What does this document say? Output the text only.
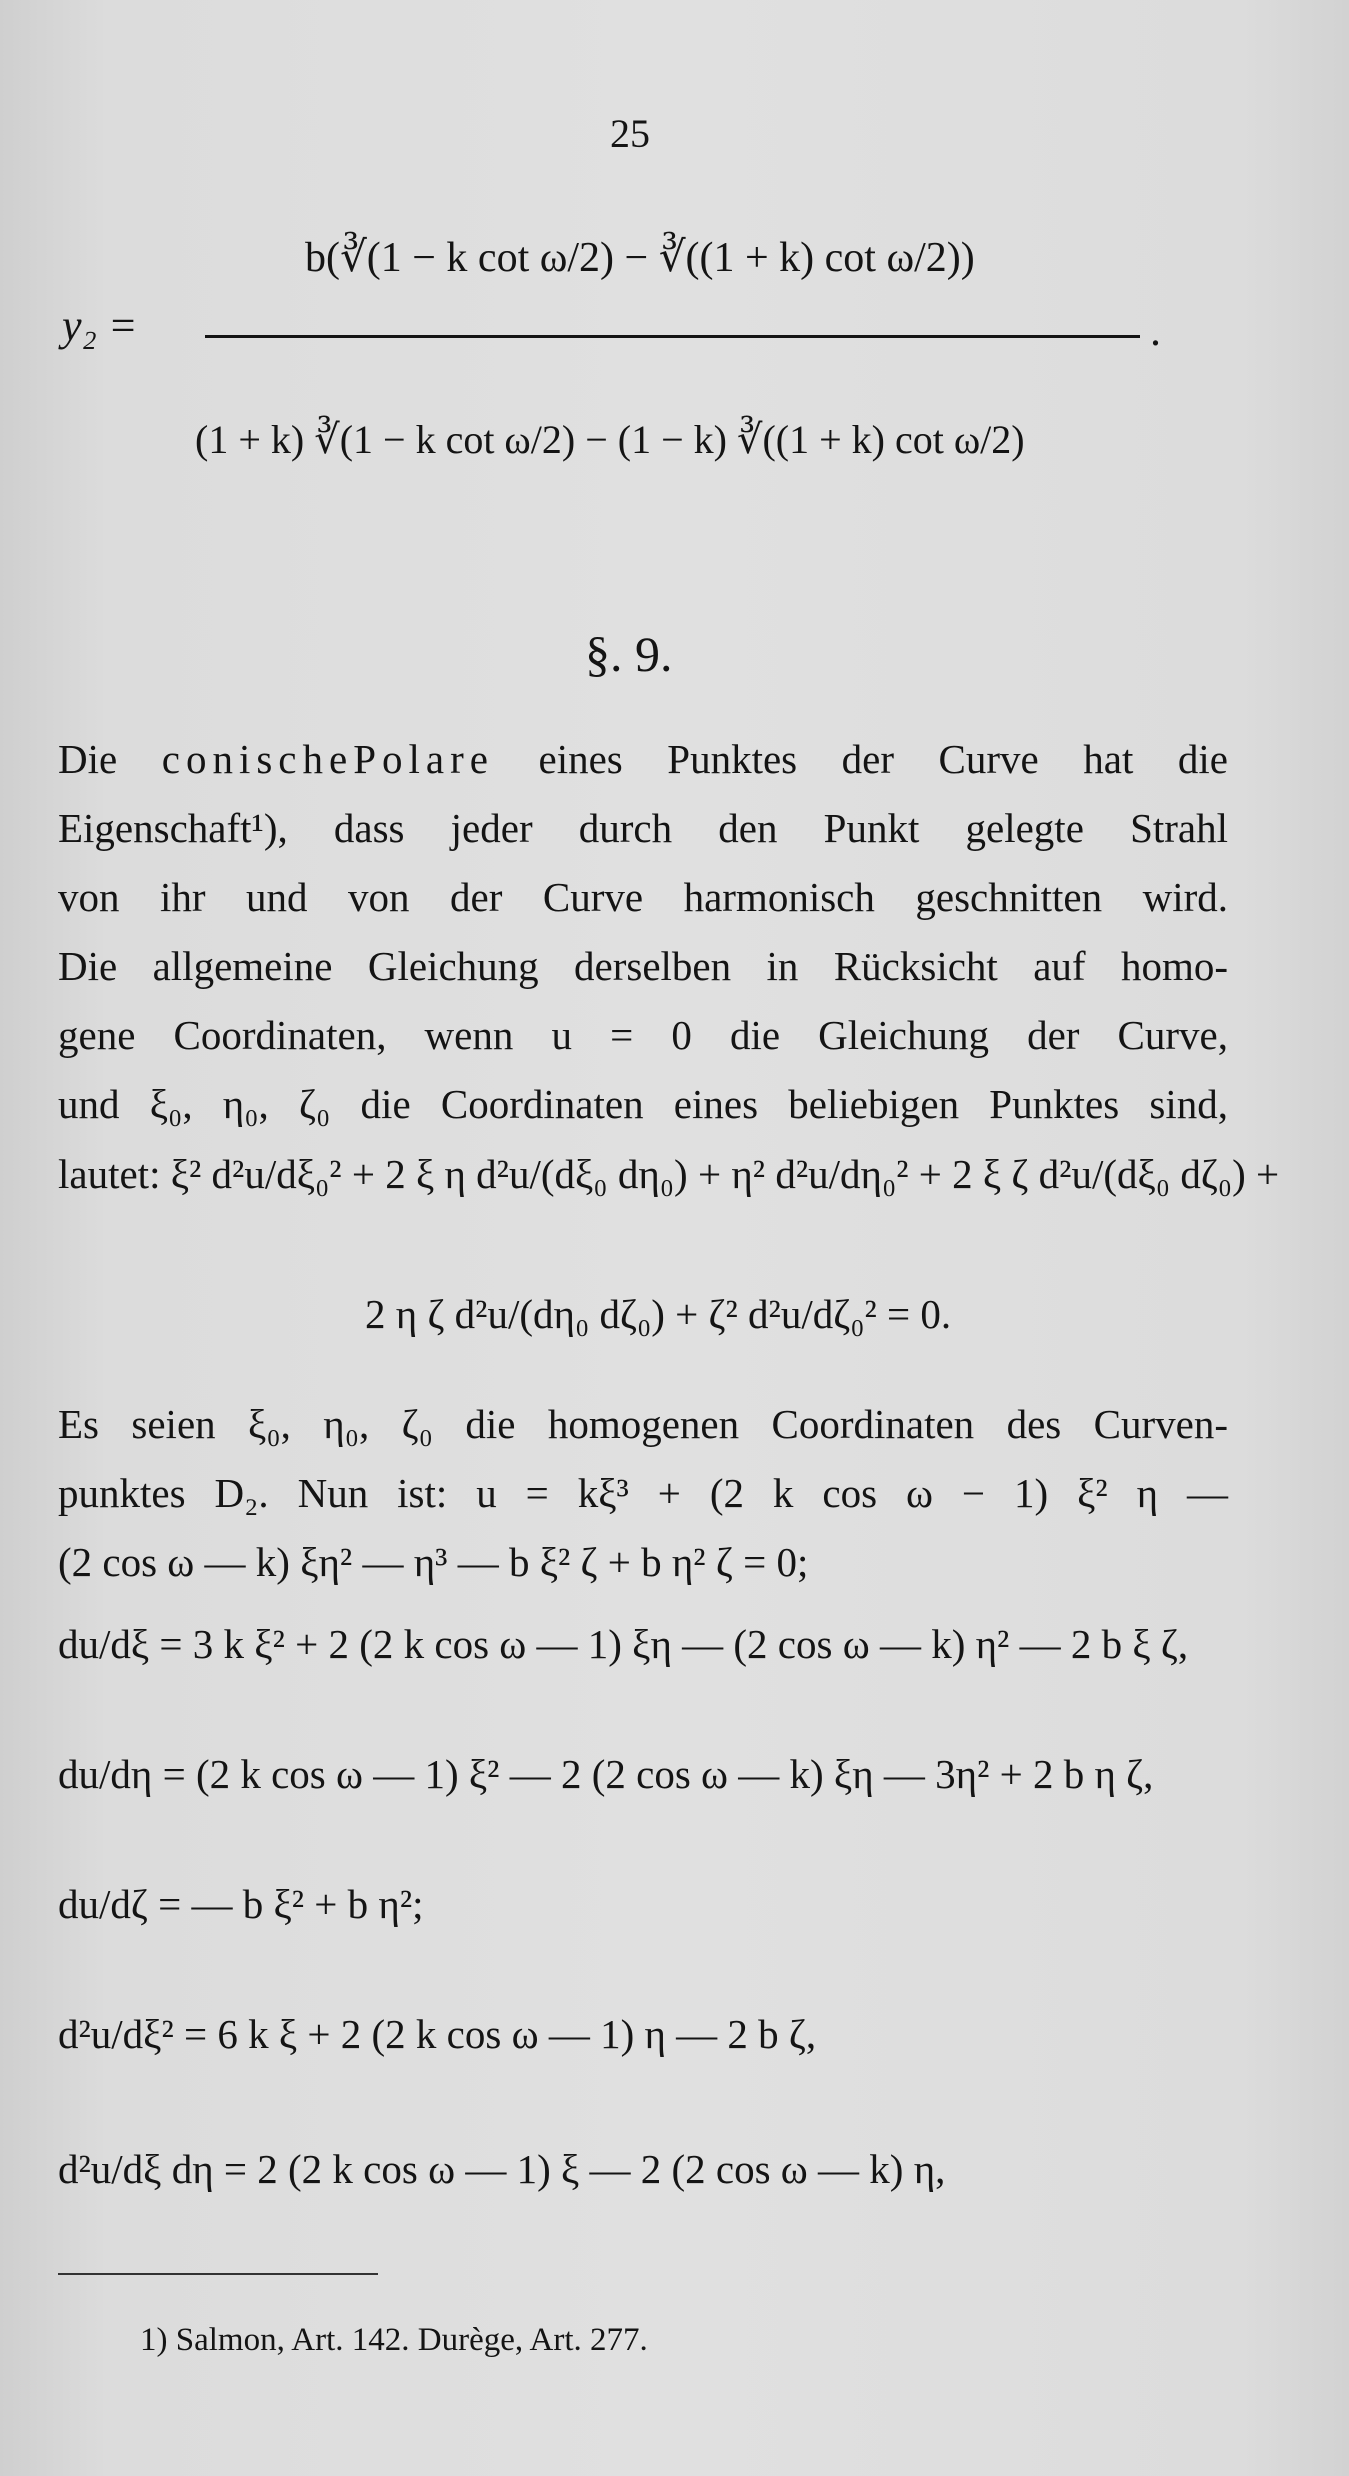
25
y₂ =
b(∛(1 − k cot ω/2) − ∛((1 + k) cot ω/2))
(1 + k) ∛(1 − k cot ω/2) − (1 − k) ∛((1 + k) cot ω/2)
.
§. 9.
Die conischePolare eines Punktes der Curve hat die
Eigenschaft¹), dass jeder durch den Punkt gelegte Strahl
von ihr und von der Curve harmonisch geschnitten wird.
Die allgemeine Gleichung derselben in Rücksicht auf homo-
gene Coordinaten, wenn u = 0 die Gleichung der Curve,
und ξ₀, η₀, ζ₀ die Coordinaten eines beliebigen Punktes sind,
lautet: ξ² d²u/dξ₀² + 2 ξ η d²u/(dξ₀ dη₀) + η² d²u/dη₀² + 2 ξ ζ d²u/(dξ₀ dζ₀) +
2 η ζ d²u/(dη₀ dζ₀) + ζ² d²u/dζ₀² = 0.
Es seien ξ₀, η₀, ζ₀ die homogenen Coordinaten des Curven-
punktes D₂. Nun ist: u = kξ³ + (2 k cos ω − 1) ξ² η —
(2 cos ω — k) ξη² — η³ — b ξ² ζ + b η² ζ = 0;
du/dξ = 3 k ξ² + 2 (2 k cos ω — 1) ξη — (2 cos ω — k) η² — 2 b ξ ζ,
du/dη = (2 k cos ω — 1) ξ² — 2 (2 cos ω — k) ξη — 3η² + 2 b η ζ,
du/dζ = — b ξ² + b η²;
d²u/dξ² = 6 k ξ + 2 (2 k cos ω — 1) η — 2 b ζ,
d²u/dξ dη = 2 (2 k cos ω — 1) ξ — 2 (2 cos ω — k) η,
1) Salmon, Art. 142. Durège, Art. 277.
